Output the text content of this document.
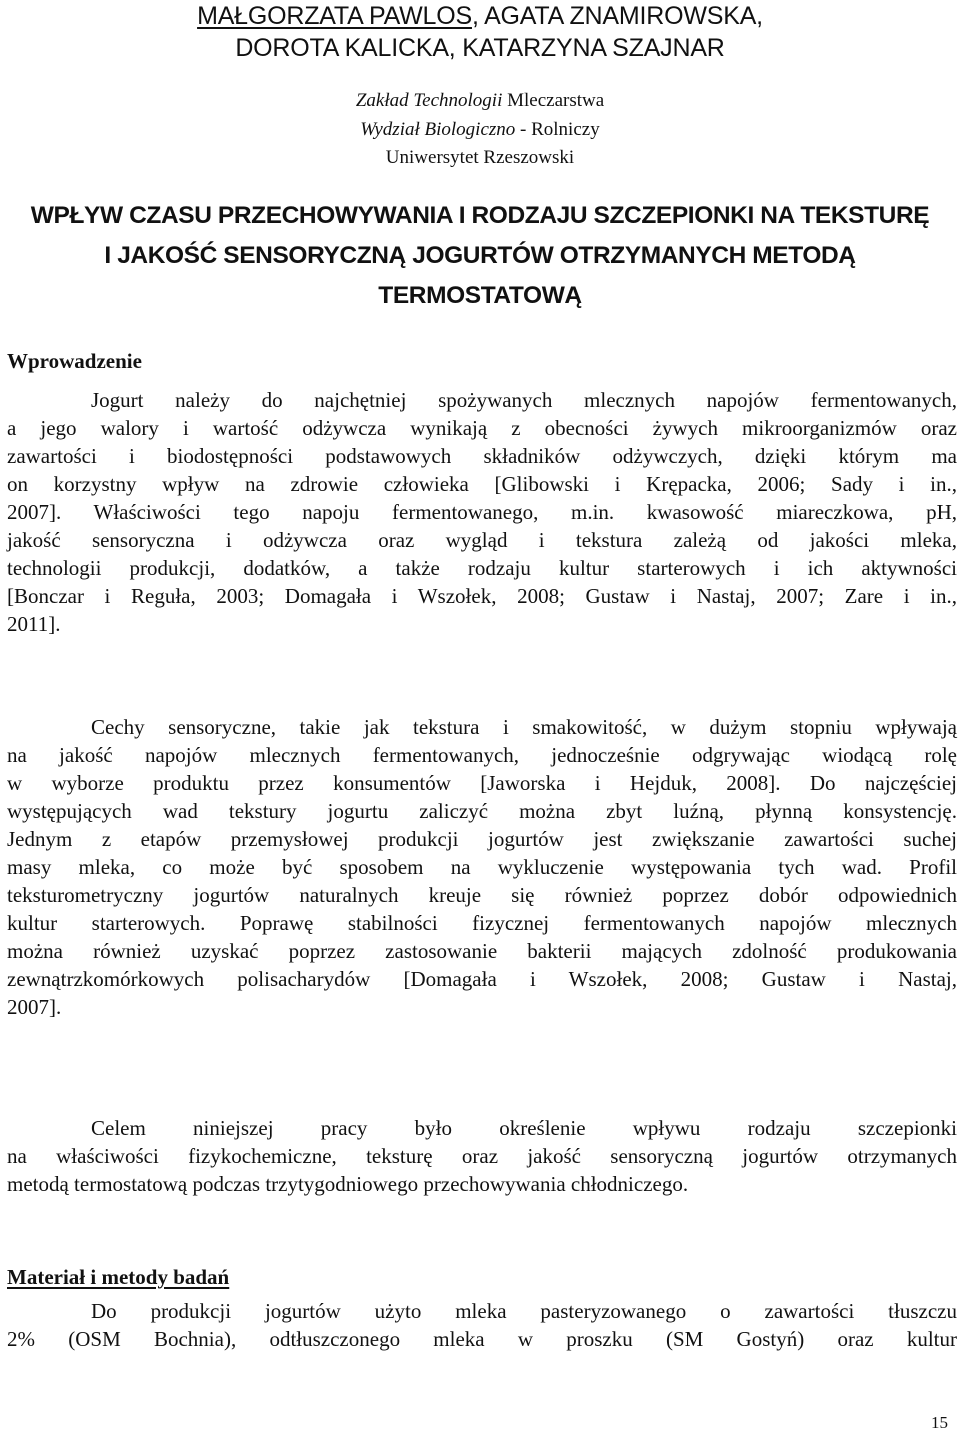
MAŁGORZATA PAWLOS, AGATA ZNAMIROWSKA,
DOROTA KALICKA, KATARZYNA SZAJNAR
Zakład Technologii Mleczarstwa
Wydział Biologiczno - Rolniczy
Uniwersytet Rzeszowski
WPŁYW CZASU PRZECHOWYWANIA I RODZAJU SZCZEPIONKI NA TEKSTURĘ
I JAKOŚĆ SENSORYCZNĄ JOGURTÓW OTRZYMANYCH METODĄ
TERMOSTATOWĄ
Wprowadzenie
Jogurt należy do najchętniej spożywanych mlecznych napojów fermentowanych,
a jego walory i wartość odżywcza wynikają z obecności żywych mikroorganizmów oraz
zawartości i biodostępności podstawowych składników odżywczych, dzięki którym ma
on korzystny wpływ na zdrowie człowieka [Glibowski i Krępacka, 2006; Sady i in.,
2007]. Właściwości tego napoju fermentowanego, m.in. kwasowość miareczkowa, pH,
jakość sensoryczna i odżywcza oraz wygląd i tekstura zależą od jakości mleka,
technologii produkcji, dodatków, a także rodzaju kultur starterowych i ich aktywności
[Bonczar i Reguła, 2003; Domagała i Wszołek, 2008; Gustaw i Nastaj, 2007; Zare i in.,
2011].
Cechy sensoryczne, takie jak tekstura i smakowitość, w dużym stopniu wpływają
na jakość napojów mlecznych fermentowanych, jednocześnie odgrywając wiodącą rolę
w wyborze produktu przez konsumentów [Jaworska i Hejduk, 2008]. Do najczęściej
występujących wad tekstury jogurtu zaliczyć można zbyt luźną, płynną konsystencję.
Jednym z etapów przemysłowej produkcji jogurtów jest zwiększanie zawartości suchej
masy mleka, co może być sposobem na wykluczenie występowania tych wad. Profil
teksturometryczny jogurtów naturalnych kreuje się również poprzez dobór odpowiednich
kultur starterowych. Poprawę stabilności fizycznej fermentowanych napojów mlecznych
można również uzyskać poprzez zastosowanie bakterii mających zdolność produkowania
zewnątrzkomórkowych polisacharydów [Domagała i Wszołek, 2008; Gustaw i Nastaj,
2007].
Celem niniejszej pracy było określenie wpływu rodzaju szczepionki
na właściwości fizykochemiczne, teksturę oraz jakość sensoryczną jogurtów otrzymanych
metodą termostatową podczas trzytygodniowego przechowywania chłodniczego.
Materiał i metody badań
Do produkcji jogurtów użyto mleka pasteryzowanego o zawartości tłuszczu
2% (OSM Bochnia), odtłuszczonego mleka w proszku (SM Gostyń) oraz kultur
15
